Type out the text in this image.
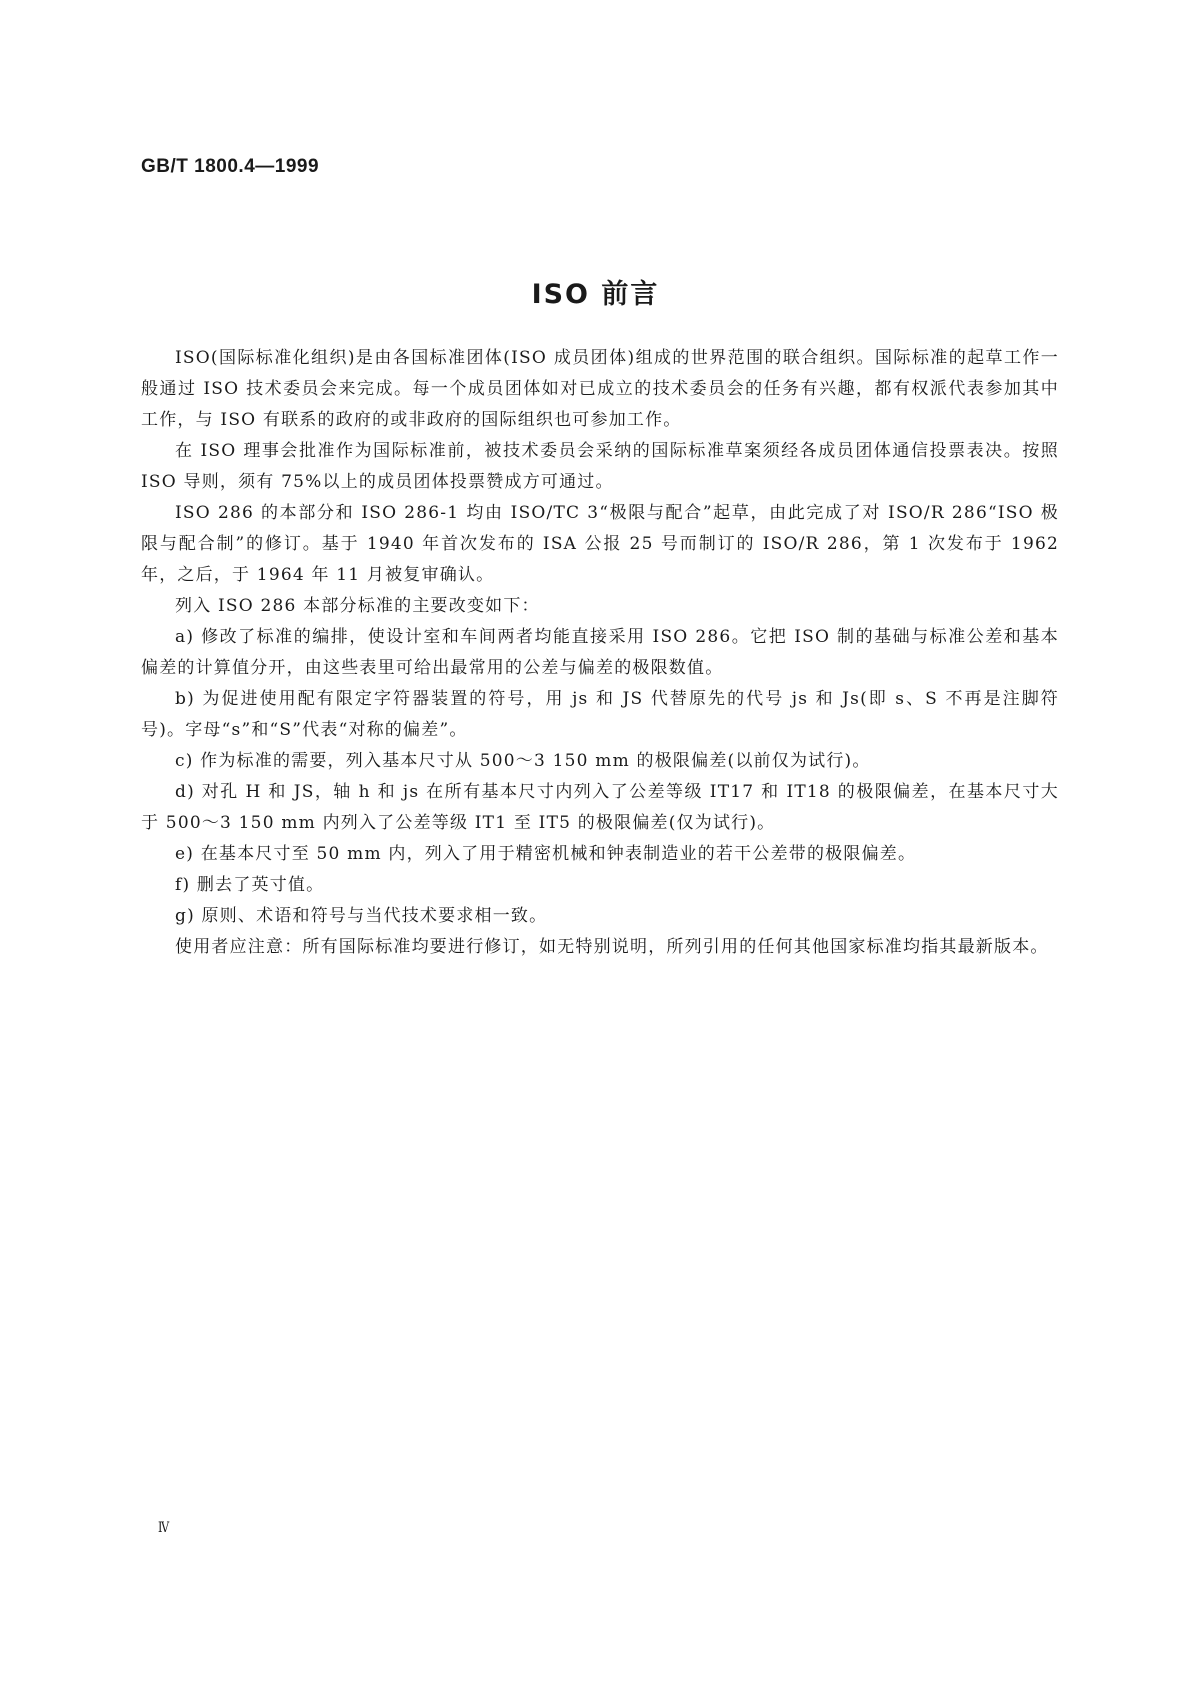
GB/T 1800.4—1999
ISO 前言

ISO(国际标准化组织)是由各国标准团体(ISO 成员团体)组成的世界范围的联合组织。国际标准的起草工作一般通过 ISO 技术委员会来完成。每一个成员团体如对已成立的技术委员会的任务有兴趣，都有权派代表参加其中工作，与 ISO 有联系的政府的或非政府的国际组织也可参加工作。

在 ISO 理事会批准作为国际标准前，被技术委员会采纳的国际标准草案须经各成员团体通信投票表决。按照 ISO 导则，须有 75%以上的成员团体投票赞成方可通过。

ISO 286 的本部分和 ISO 286-1 均由 ISO/TC 3“极限与配合”起草，由此完成了对 ISO/R 286“ISO 极限与配合制”的修订。基于 1940 年首次发布的 ISA 公报 25 号而制订的 ISO/R 286，第 1 次发布于 1962 年，之后，于 1964 年 11 月被复审确认。

列入 ISO 286 本部分标准的主要改变如下：

a) 修改了标准的编排，使设计室和车间两者均能直接采用 ISO 286。它把 ISO 制的基础与标准公差和基本偏差的计算值分开，由这些表里可给出最常用的公差与偏差的极限数值。

b) 为促进使用配有限定字符器装置的符号，用 js 和 JS 代替原先的代号 js 和 Js(即 s、S 不再是注脚符号)。字母“s”和“S”代表“对称的偏差”。

c) 作为标准的需要，列入基本尺寸从 500～3 150 mm 的极限偏差(以前仅为试行)。

d) 对孔 H 和 JS，轴 h 和 js 在所有基本尺寸内列入了公差等级 IT17 和 IT18 的极限偏差，在基本尺寸大于 500～3 150 mm 内列入了公差等级 IT1 至 IT5 的极限偏差(仅为试行)。

e) 在基本尺寸至 50 mm 内，列入了用于精密机械和钟表制造业的若干公差带的极限偏差。

f) 删去了英寸值。

g) 原则、术语和符号与当代技术要求相一致。

使用者应注意：所有国际标准均要进行修订，如无特别说明，所列引用的任何其他国家标准均指其最新版本。

Ⅳ
